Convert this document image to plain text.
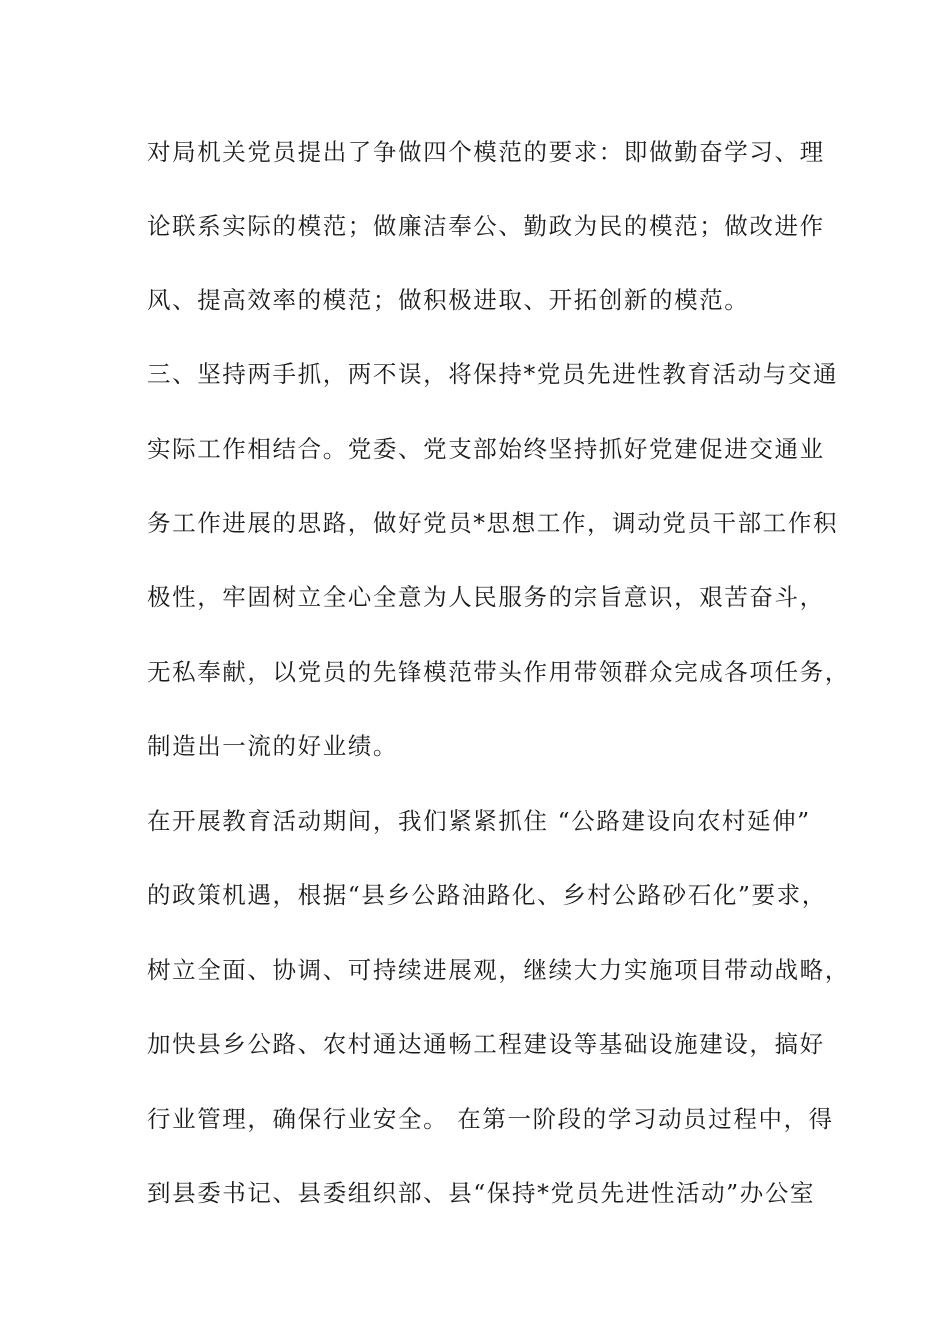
对局机关党员提出了争做四个模范的要求：即做勤奋学习、理
论联系实际的模范；做廉洁奉公、勤政为民的模范；做改进作
风、提高效率的模范；做积极进取、开拓创新的模范。
三、坚持两手抓，两不误，将保持*党员先进性教育活动与交通
实际工作相结合。党委、党支部始终坚持抓好党建促进交通业
务工作进展的思路，做好党员*思想工作，调动党员干部工作积
极性，牢固树立全心全意为人民服务的宗旨意识，艰苦奋斗，
无私奉献，以党员的先锋模范带头作用带领群众完成各项任务，
制造出一流的好业绩。
在开展教育活动期间，我们紧紧抓住 “公路建设向农村延伸”
的政策机遇，根据“县乡公路油路化、乡村公路砂石化”要求，
树立全面、协调、可持续进展观，继续大力实施项目带动战略，
加快县乡公路、农村通达通畅工程建设等基础设施建设，搞好
行业管理，确保行业安全。 在第一阶段的学习动员过程中，得
到县委书记、县委组织部、县“保持*党员先进性活动”办公室
